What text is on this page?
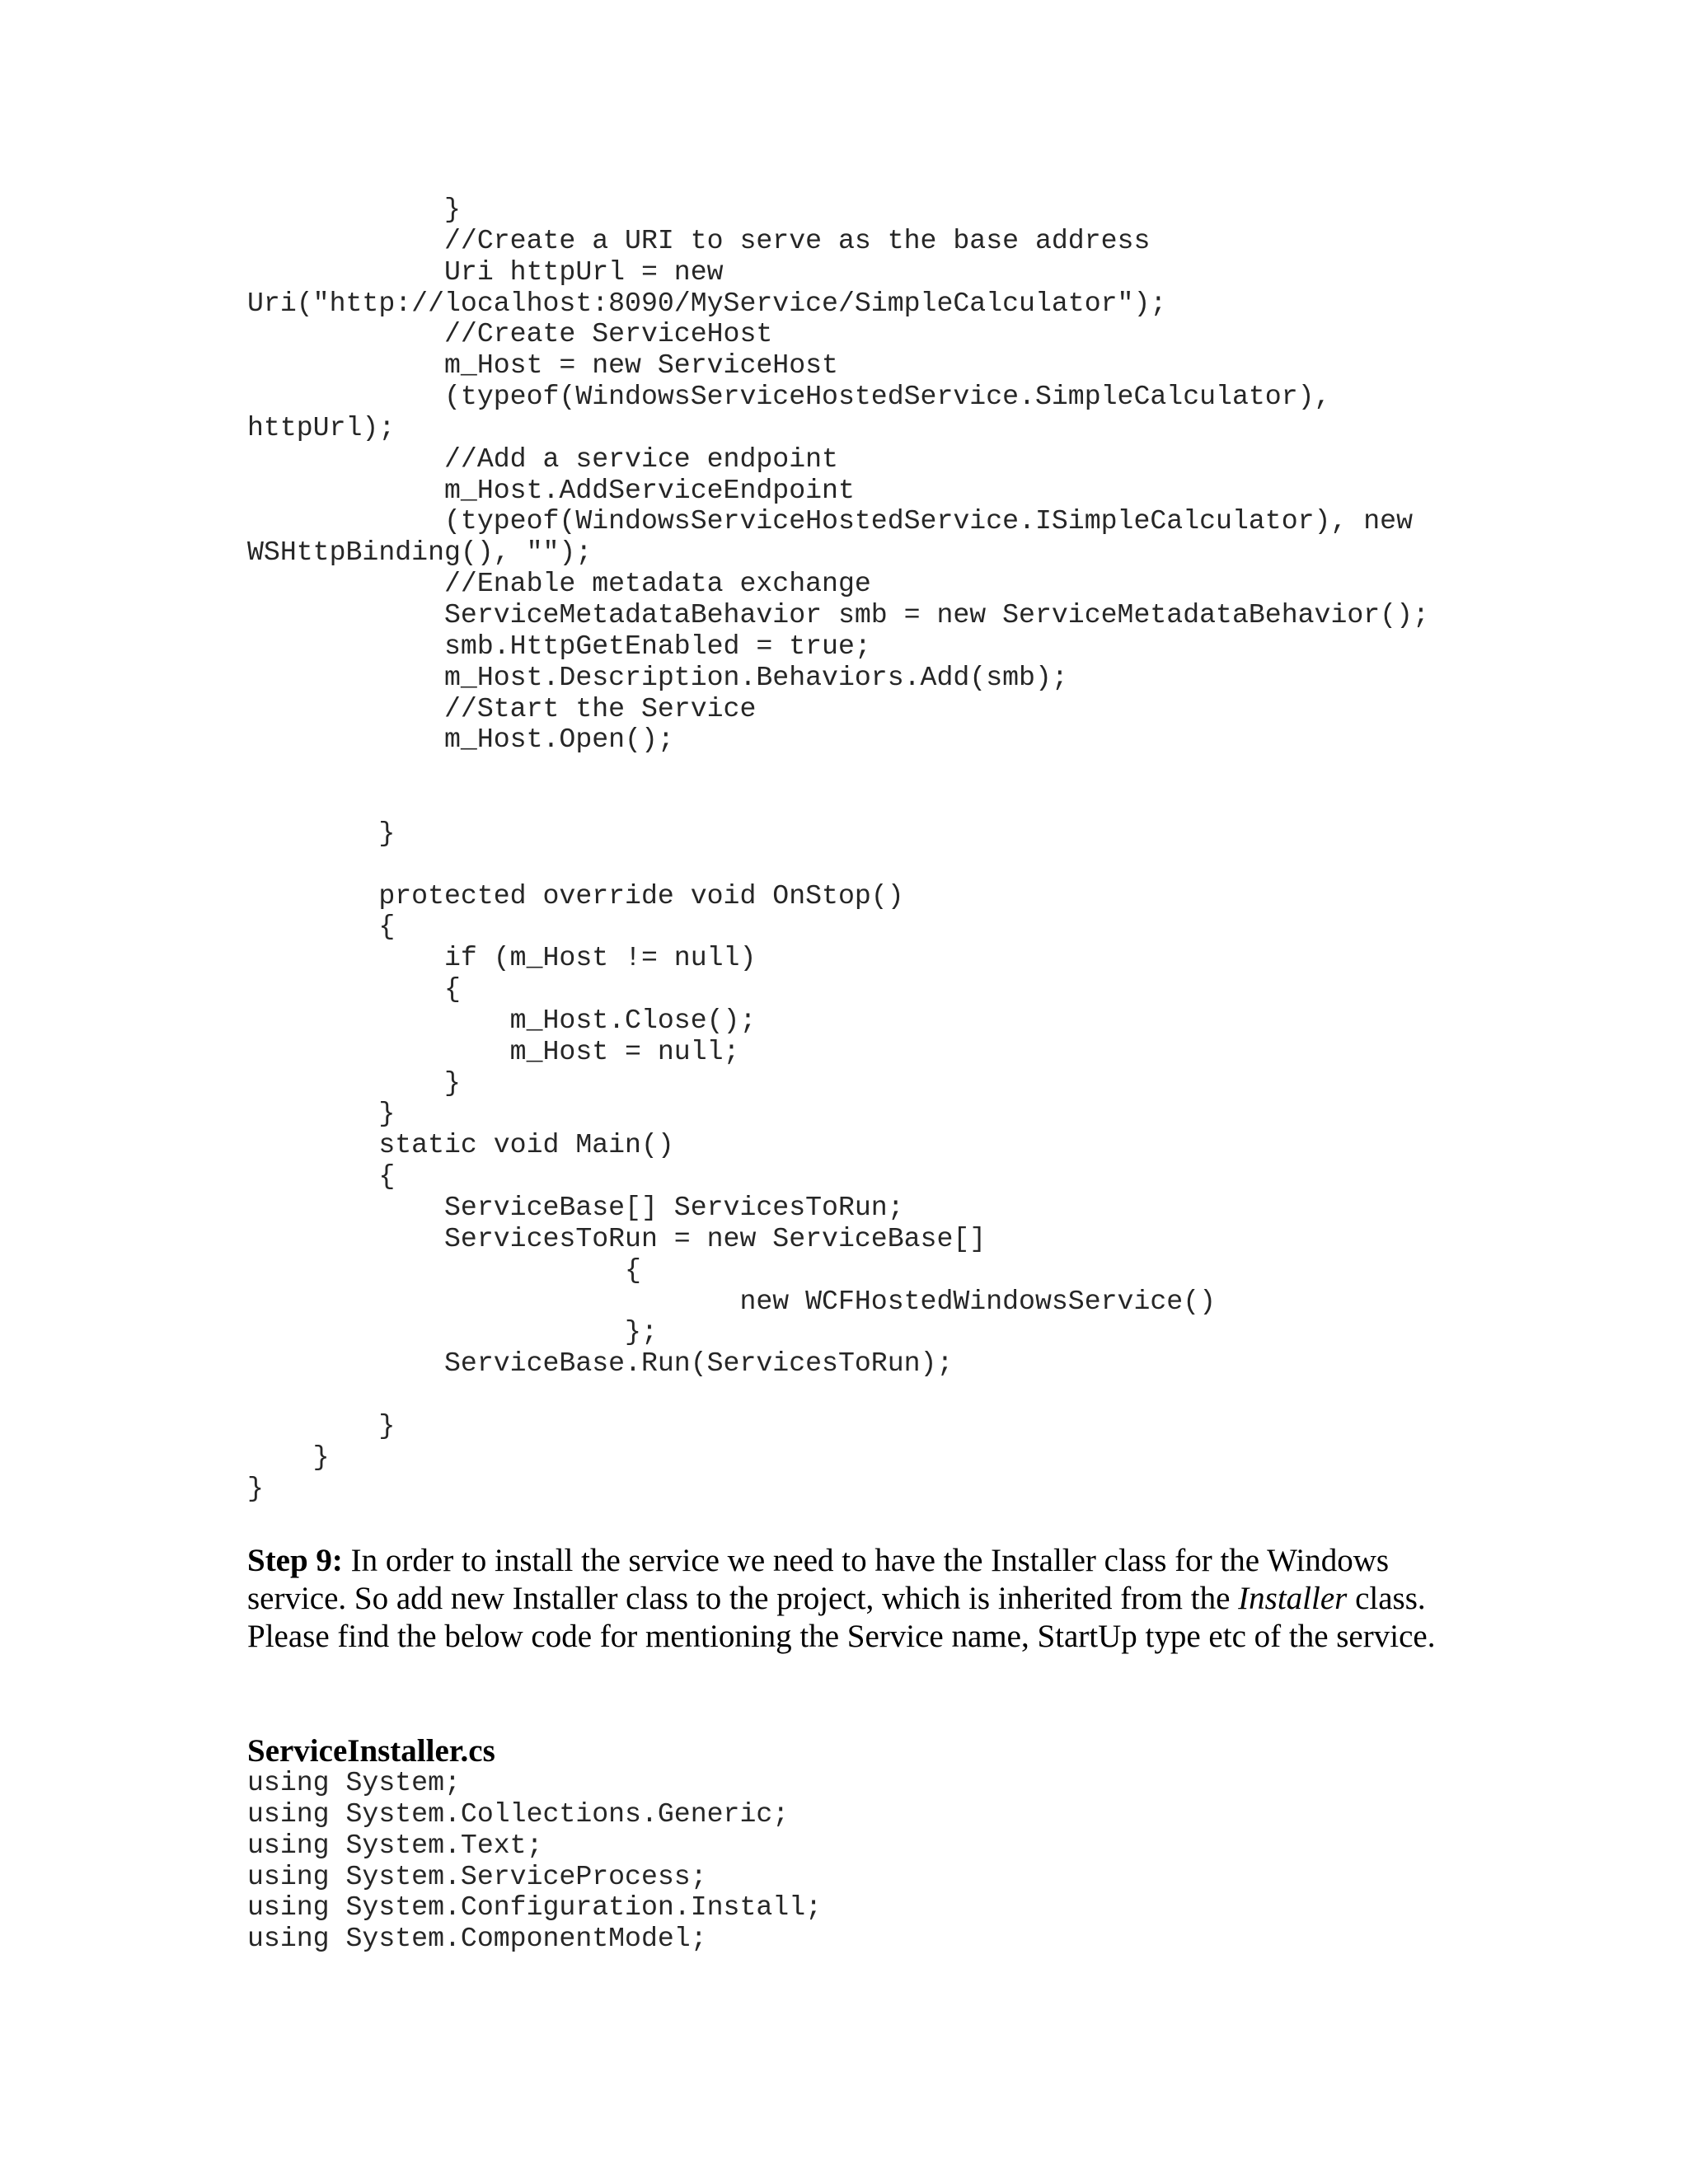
}
//Create a URI to serve as the base address
Uri httpUrl = new
Uri("http://localhost:8090/MyService/SimpleCalculator");
//Create ServiceHost
m_Host = new ServiceHost
(typeof(WindowsServiceHostedService.SimpleCalculator),
httpUrl);
//Add a service endpoint
m_Host.AddServiceEndpoint
(typeof(WindowsServiceHostedService.ISimpleCalculator), new
WSHttpBinding(), "");
//Enable metadata exchange
ServiceMetadataBehavior smb = new ServiceMetadataBehavior();
smb.HttpGetEnabled = true;
m_Host.Description.Behaviors.Add(smb);
//Start the Service
m_Host.Open();

}

protected override void OnStop()
{
if (m_Host != null)
{
m_Host.Close();
m_Host = null;
}
}
static void Main()
{
ServiceBase[] ServicesToRun;
ServicesToRun = new ServiceBase[]
{
new WCFHostedWindowsService()
};
ServiceBase.Run(ServicesToRun);

}
}
}
Step 9: In order to install the service we need to have the Installer class for the Windows service. So add new Installer class to the project, which is inherited from the Installer class. Please find the below code for mentioning the Service name, StartUp type etc of the service.
ServiceInstaller.cs
using System;
using System.Collections.Generic;
using System.Text;
using System.ServiceProcess;
using System.Configuration.Install;
using System.ComponentModel;
